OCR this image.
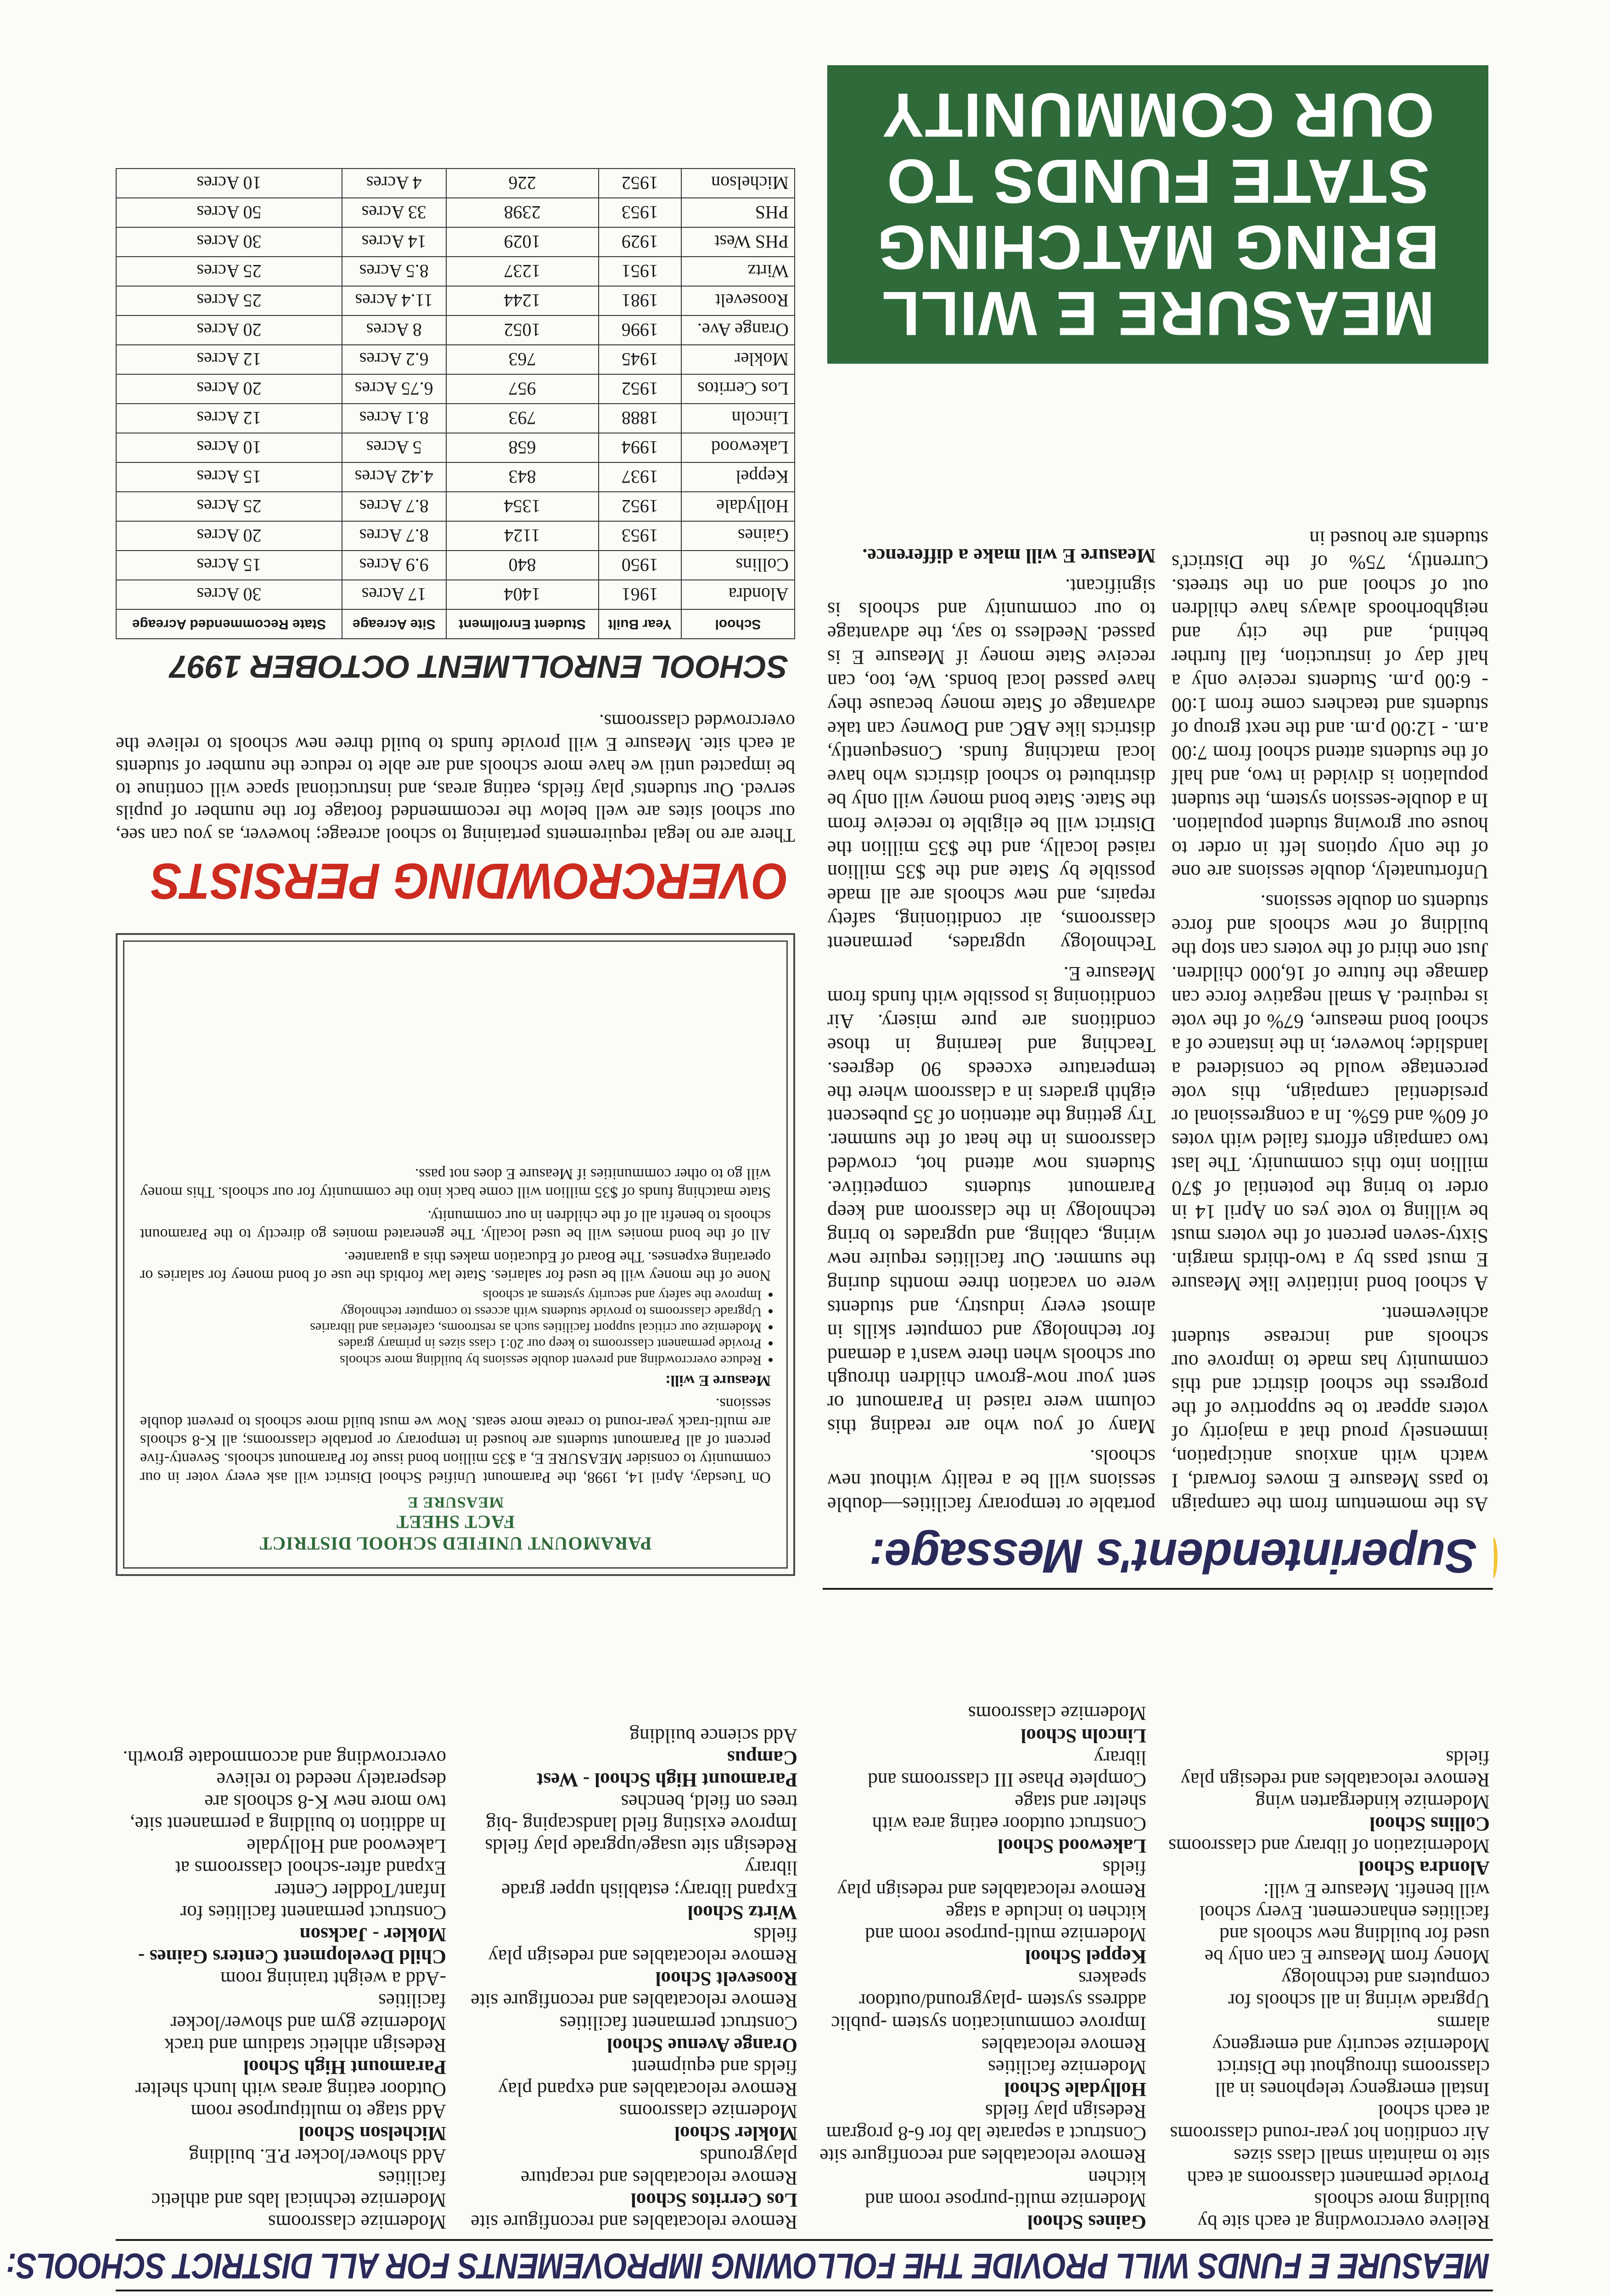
MEASURE E FUNDS WILL PROVIDE THE FOLLOWING IMPROVEMENTS FOR ALL DISTRICT SCHOOLS:

Relieve overcrowding at each site by building more schools

Provide permanent classrooms at each site to maintain small class sizes

Air condition hot year-round classrooms at each school

Install emergency telephones in all classrooms throughout the District

Modernize security and emergency alarms

Upgrade wiring in all schools for computers and technology

Money from Measure E can only be used for building new schools and facilities enhancement. Every school will benefit. Measure E will:

Alondra School

Modernization of library and classrooms

Collins School

Modernize kindergarten wing

Remove relocatables and redesign play fields

Gaines School

Modernize multi-purpose room and kitchen

Remove relocatables and reconfigure site

Construct a separate lab for 6-8 program

Redesign play fields

Hollydale School

Modernize facilities

Remove relocatables

Improve communication system -public address system -playground/outdoor speakers

Keppel School

Modernize multi-purpose room and kitchen to include a stage

Remove relocatables and redesign play fields

Lakewood School

Construct outdoor eating area with shelter and stage

Complete Phase III classrooms and library

Lincoln School

Modernize classrooms

Remove relocatables and reconfigure site

Los Cerritos School

Remove relocatables and recapture playgrounds

Mokler School

Modernize classrooms

Remove relocatables and expand play fields and equipment

Orange Avenue School

Construct permanent facilities

Remove relocatables and reconfigure site

Roosevelt School

Remove relocatables and redesign play fields

Wirtz School

Expand library; establish upper grade library

Redesign site usage/upgrade play fields

Improve existing field landscaping -big trees on field, benches

Paramount High School - West Campus

Add science building

Modernize classrooms

Modernize technical labs and athletic facilities

Add shower/locker P.E. building

Michelson School

Add stage to multipurpose room

Outdoor eating areas with lunch shelter

Paramount High School

Redesign athletic stadium and track

Modernize gym and shower/locker facilities

-Add a weight training room

Child Development Centers Gaines - Mokler - Jackson

Construct permanent facilities for Infant/Toddler Center

Expand after-school classrooms at Lakewood and Hollydale

In addition to building a permanent site, two more new K-8 schools are desperately needed to relieve overcrowding and accommodate growth.

Superintendent's Message:

As the momentum from the campaign to pass Measure E moves forward, I watch with anxious anticipation, immensely proud that a majority of voters appear to be supportive of the progress the school district and this community has made to improve our schools and increase student achievement.

A school bond initiative like Measure E must pass by a two-thirds margin. Sixty-seven percent of the voters must be willing to vote yes on April 14 in order to bring the potential of $70 million into this community. The last two campaign efforts failed with votes of 60% and 65%. In a congressional or presidential campaign, this vote percentage would be considered a landslide; however, in the instance of a school bond measure, 67% of the vote is required. A small negative force can damage the future of 16,000 children. Just one third of the voters can stop the building of new schools and force students on double sessions.

Unfortunately, double sessions are one of the only options left in order to house our growing student population. In a double-session system, the student population is divided in two, and half of the students attend school from 7:00 a.m. - 12:00 p.m. and the next group of students and teachers come from 1:00 - 6:00 p.m. Students receive only a half day of instruction, fall further behind, and the city and neighborhoods always have children out of school and on the streets. Currently, 75% of the District's students are housed in

portable or temporary facilities—double sessions will be a reality without new schools.

Many of you who are reading this column were raised in Paramount or sent your now-grown children through our schools when there wasn't a demand for technology and computer skills in almost every industry, and students were on vacation three months during the summer. Our facilities require new wiring, cabling, and upgrades to bring technology in the classroom and keep Paramount students competitive. Students now attend hot, crowded classrooms in the heat of the summer. Try getting the attention of 35 pubescent eighth graders in a classroom where the temperature exceeds 90 degrees. Teaching and learning in those conditions are pure misery. Air conditioning is possible with funds from Measure E.

Technology upgrades, permanent classrooms, air conditioning, safety repairs, and new schools are all made possible by State and the $35 million raised locally, and the $35 million the District will be eligible to receive from the State. State bond money will only be distributed to school districts who have local matching funds. Consequently, districts like ABC and Downey can take advantage of State money because they have passed local bonds. We, too, can receive State money if Measure E is passed. Needless to say, the advantage to our community and schools is significant.

Measure E will make a difference.

MEASURE E WILL BRING MATCHING STATE FUNDS TO OUR COMMUNITY
PARAMOUNT UNIFIED SCHOOL DISTRICT
FACT SHEET
MEASURE E

On Tuesday, April 14, 1998, the Paramount Unified School District will ask every voter in our community to consider MEASURE E, a $35 million bond issue for Paramount schools. Seventy-five percent of all Paramount students are housed in temporary or portable classrooms; all K-8 schools are multi-track year-round to create more seats. Now we must build more schools to prevent double sessions.

Measure E will:

• Reduce overcrowding and prevent double sessions by building more schools
• Provide permanent classrooms to keep our 20:1 class sizes in primary grades
• Modernize our critical support facilities such as restrooms, cafeterias and libraries
• Upgrade classrooms to provide students with access to computer technology
• Improve the safety and security systems at schools

None of the money will be used for salaries. State law forbids the use of bond money for salaries or operating expenses. The Board of Education makes this a guarantee.

All of the bond monies will be used locally. The generated monies go directly to the Paramount schools to benefit all of the children in our community.

State matching funds of $35 million will come back into the community for our schools. This money will go to other communities if Measure E does not pass.

OVERCROWDING PERSISTS
There are no legal requirements pertaining to school acreage; however, as you can see, our school sites are well below the recommended footage for the number of pupils served. Our students' play fields, eating areas, and instructional space will continue to be impacted until we have more schools and are able to reduce the number of students at each site. Measure E will provide funds to build three new schools to relieve the overcrowded classrooms.
SCHOOL ENROLLMENT OCTOBER 1997
School	Year Built	Student Enrollment	Site Acreage	State Recommended Acreage
Alondra	1961	1404	17 Acres	30 Acres
Collins	1950	840	9.9 Acres	15 Acres
Gaines	1953	1124	8.7 Acres	20 Acres
Hollydale	1952	1354	8.7 Acres	25 Acres
Keppel	1937	843	4.42 Acres	15 Acres
Lakewood	1994	658	5 Acres	10 Acres
Lincoln	1888	793	8.1 Acres	12 Acres
Los Cerritos	1952	957	6.75 Acres	20 Acres
Mokler	1945	763	6.2 Acres	12 Acres
Orange Ave.	1996	1052	8 Acres	20 Acres
Roosevelt	1981	1244	11.4 Acres	25 Acres
Wirtz	1951	1237	8.5 Acres	25 Acres
PHS West	1929	1029	14 Acres	30 Acres
PHS	1953	2398	33 Acres	50 Acres
Michelson	1952	226	4 Acres	10 Acres
